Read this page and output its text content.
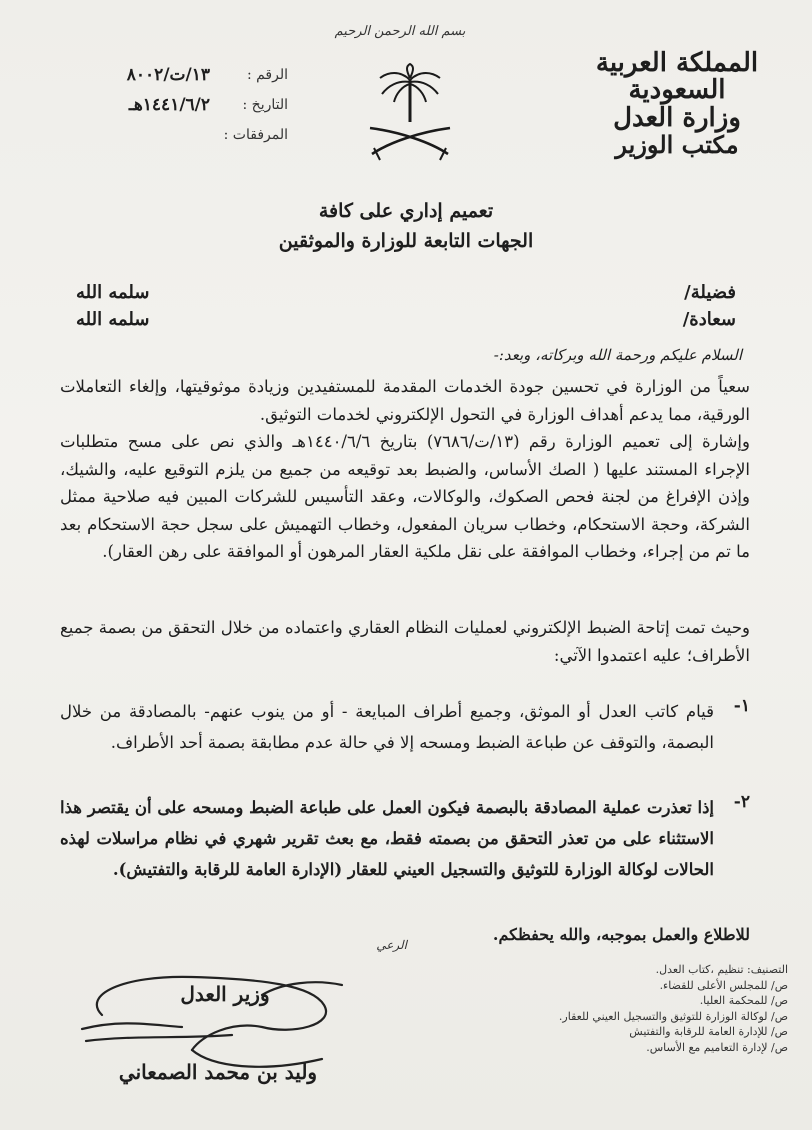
بسم الله الرحمن الرحيم
المملكة العربية السعودية
وزارة العدل
مكتب الوزير
١٣/ت/٨٠٠٢	الرقم :
١٤٤١/٦/٢هـ	التاريخ :
المرفقات :
تعميم إداري على كافة
الجهات التابعة للوزارة والموثقين
فضيلة/
سلمه الله
سعادة/
سلمه الله
السلام عليكم ورحمة الله وبركاته، وبعد:-
سعياً من الوزارة في تحسين جودة الخدمات المقدمة للمستفيدين وزيادة موثوقيتها، وإلغاء التعاملات الورقية، مما يدعم أهداف الوزارة في التحول الإلكتروني لخدمات التوثيق.
وإشارة إلى تعميم الوزارة رقم (١٣/ت/٧٦٨٦) بتاريخ ١٤٤٠/٦/٦هـ والذي نص على مسح متطلبات الإجراء المستند عليها ( الصك الأساس، والضبط بعد توقيعه من جميع من يلزم التوقيع عليه، والشيك، وإذن الإفراغ من لجنة فحص الصكوك، والوكالات، وعقد التأسيس للشركات المبين فيه صلاحية ممثل الشركة، وحجة الاستحكام، وخطاب سريان المفعول، وخطاب التهميش على سجل حجة الاستحكام بعد ما تم من إجراء، وخطاب الموافقة على نقل ملكية العقار المرهون أو الموافقة على رهن العقار).
وحيث تمت إتاحة الضبط الإلكتروني لعمليات النظام العقاري واعتماده من خلال التحقق من بصمة جميع الأطراف؛ عليه اعتمدوا الآتي:
١-
قيام كاتب العدل أو الموثق، وجميع أطراف المبايعة - أو من ينوب عنهم- بالمصادقة من خلال البصمة، والتوقف عن طباعة الضبط ومسحه إلا في حالة عدم مطابقة بصمة أحد الأطراف.
٢-
إذا تعذرت عملية المصادقة بالبصمة فيكون العمل على طباعة الضبط ومسحه على أن يقتصر هذا الاستثناء على من تعذر التحقق من بصمته فقط، مع بعث تقرير شهري في نظام مراسلات لهذه الحالات لوكالة الوزارة للتوثيق والتسجيل العيني للعقار (الإدارة العامة للرقابة والتفتيش).
للاطلاع والعمل بموجبه، والله يحفظكم.
وزير العدل
وليد بن محمد الصمعاني
الرعي
التصنيف: تنظيم ،كتاب العدل.
ص/ للمجلس الأعلى للقضاء.
ص/ للمحكمة العليا.
ص/ لوكالة الوزارة للتوثيق والتسجيل العيني للعقار.
ص/ للإدارة العامة للرقابة والتفتيش
ص/ لإدارة التعاميم مع الأساس.
